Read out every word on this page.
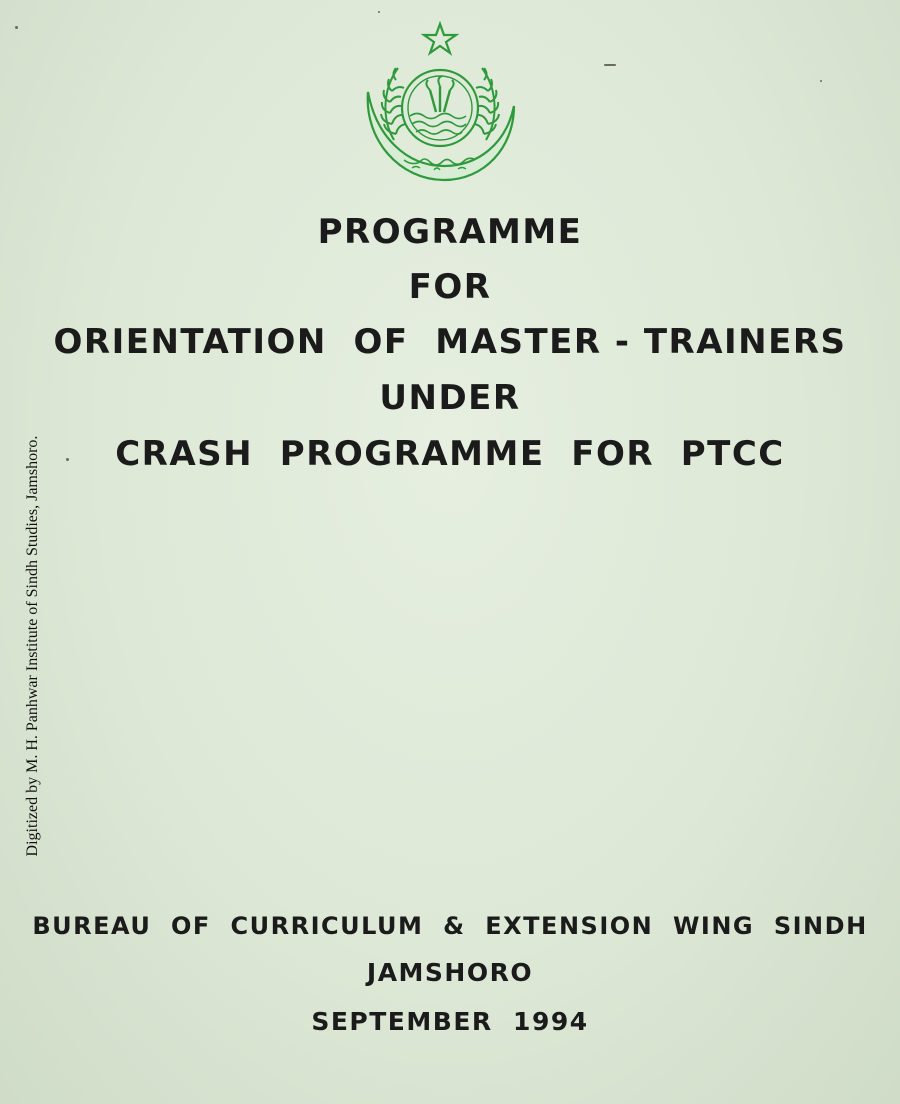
PROGRAMME
FOR
ORIENTATION  OF  MASTER - TRAINERS
UNDER
CRASH  PROGRAMME  FOR  PTCC
BUREAU  OF  CURRICULUM  &  EXTENSION  WING  SINDH
JAMSHORO
SEPTEMBER  1994
Digitized by M. H. Panhwar Institute of Sindh Studies, Jamshoro.
